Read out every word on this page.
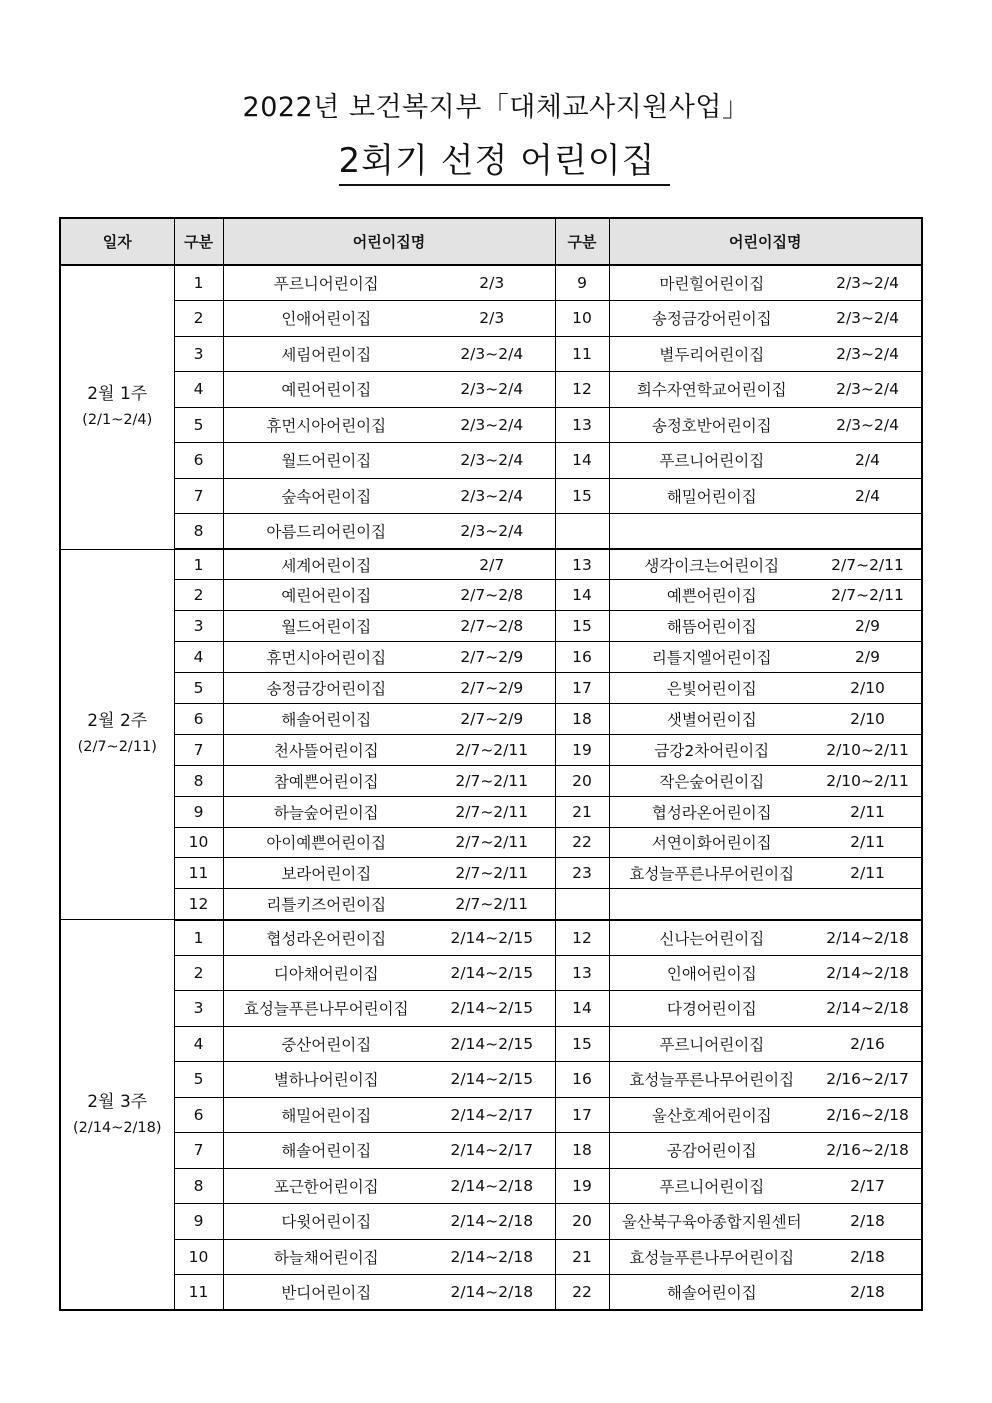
2022년 보건복지부「대체교사지원사업」
2회기 선정 어린이집
일자	구분	어린이집명		구분	어린이집명	
2월 1주
(2/1~2/4)	1	푸르니어린이집	2/3	9	마린힐어린이집	2/3~2/4
	2	인애어린이집	2/3	10	송정금강어린이집	2/3~2/4
	3	세림어린이집	2/3~2/4	11	별두리어린이집	2/3~2/4
	4	예린어린이집	2/3~2/4	12	희수자연학교어린이집	2/3~2/4
	5	휴먼시아어린이집	2/3~2/4	13	송정호반어린이집	2/3~2/4
	6	월드어린이집	2/3~2/4	14	푸르니어린이집	2/4
	7	숲속어린이집	2/3~2/4	15	해밀어린이집	2/4
	8	아름드리어린이집	2/3~2/4			
2월 2주
(2/7~2/11)	1	세계어린이집	2/7	13	생각이크는어린이집	2/7~2/11
	2	예린어린이집	2/7~2/8	14	예쁜어린이집	2/7~2/11
	3	월드어린이집	2/7~2/8	15	해뜸어린이집	2/9
	4	휴먼시아어린이집	2/7~2/9	16	리틀지엘어린이집	2/9
	5	송정금강어린이집	2/7~2/9	17	은빛어린이집	2/10
	6	해솔어린이집	2/7~2/9	18	샛별어린이집	2/10
	7	천사뜰어린이집	2/7~2/11	19	금강2차어린이집	2/10~2/11
	8	참예쁜어린이집	2/7~2/11	20	작은숲어린이집	2/10~2/11
	9	하늘숲어린이집	2/7~2/11	21	협성라온어린이집	2/11
	10	아이예쁜어린이집	2/7~2/11	22	서연이화어린이집	2/11
	11	보라어린이집	2/7~2/11	23	효성늘푸른나무어린이집	2/11
	12	리틀키즈어린이집	2/7~2/11			
2월 3주
(2/14~2/18)	1	협성라온어린이집	2/14~2/15	12	신나는어린이집	2/14~2/18
	2	디아채어린이집	2/14~2/15	13	인애어린이집	2/14~2/18
	3	효성늘푸른나무어린이집	2/14~2/15	14	다경어린이집	2/14~2/18
	4	중산어린이집	2/14~2/15	15	푸르니어린이집	2/16
	5	별하나어린이집	2/14~2/15	16	효성늘푸른나무어린이집	2/16~2/17
	6	해밀어린이집	2/14~2/17	17	울산호계어린이집	2/16~2/18
	7	해솔어린이집	2/14~2/17	18	공감어린이집	2/16~2/18
	8	포근한어린이집	2/14~2/18	19	푸르니어린이집	2/17
	9	다윗어린이집	2/14~2/18	20	울산북구육아종합지원센터	2/18
	10	하늘채어린이집	2/14~2/18	21	효성늘푸른나무어린이집	2/18
	11	반디어린이집	2/14~2/18	22	해솔어린이집	2/18
